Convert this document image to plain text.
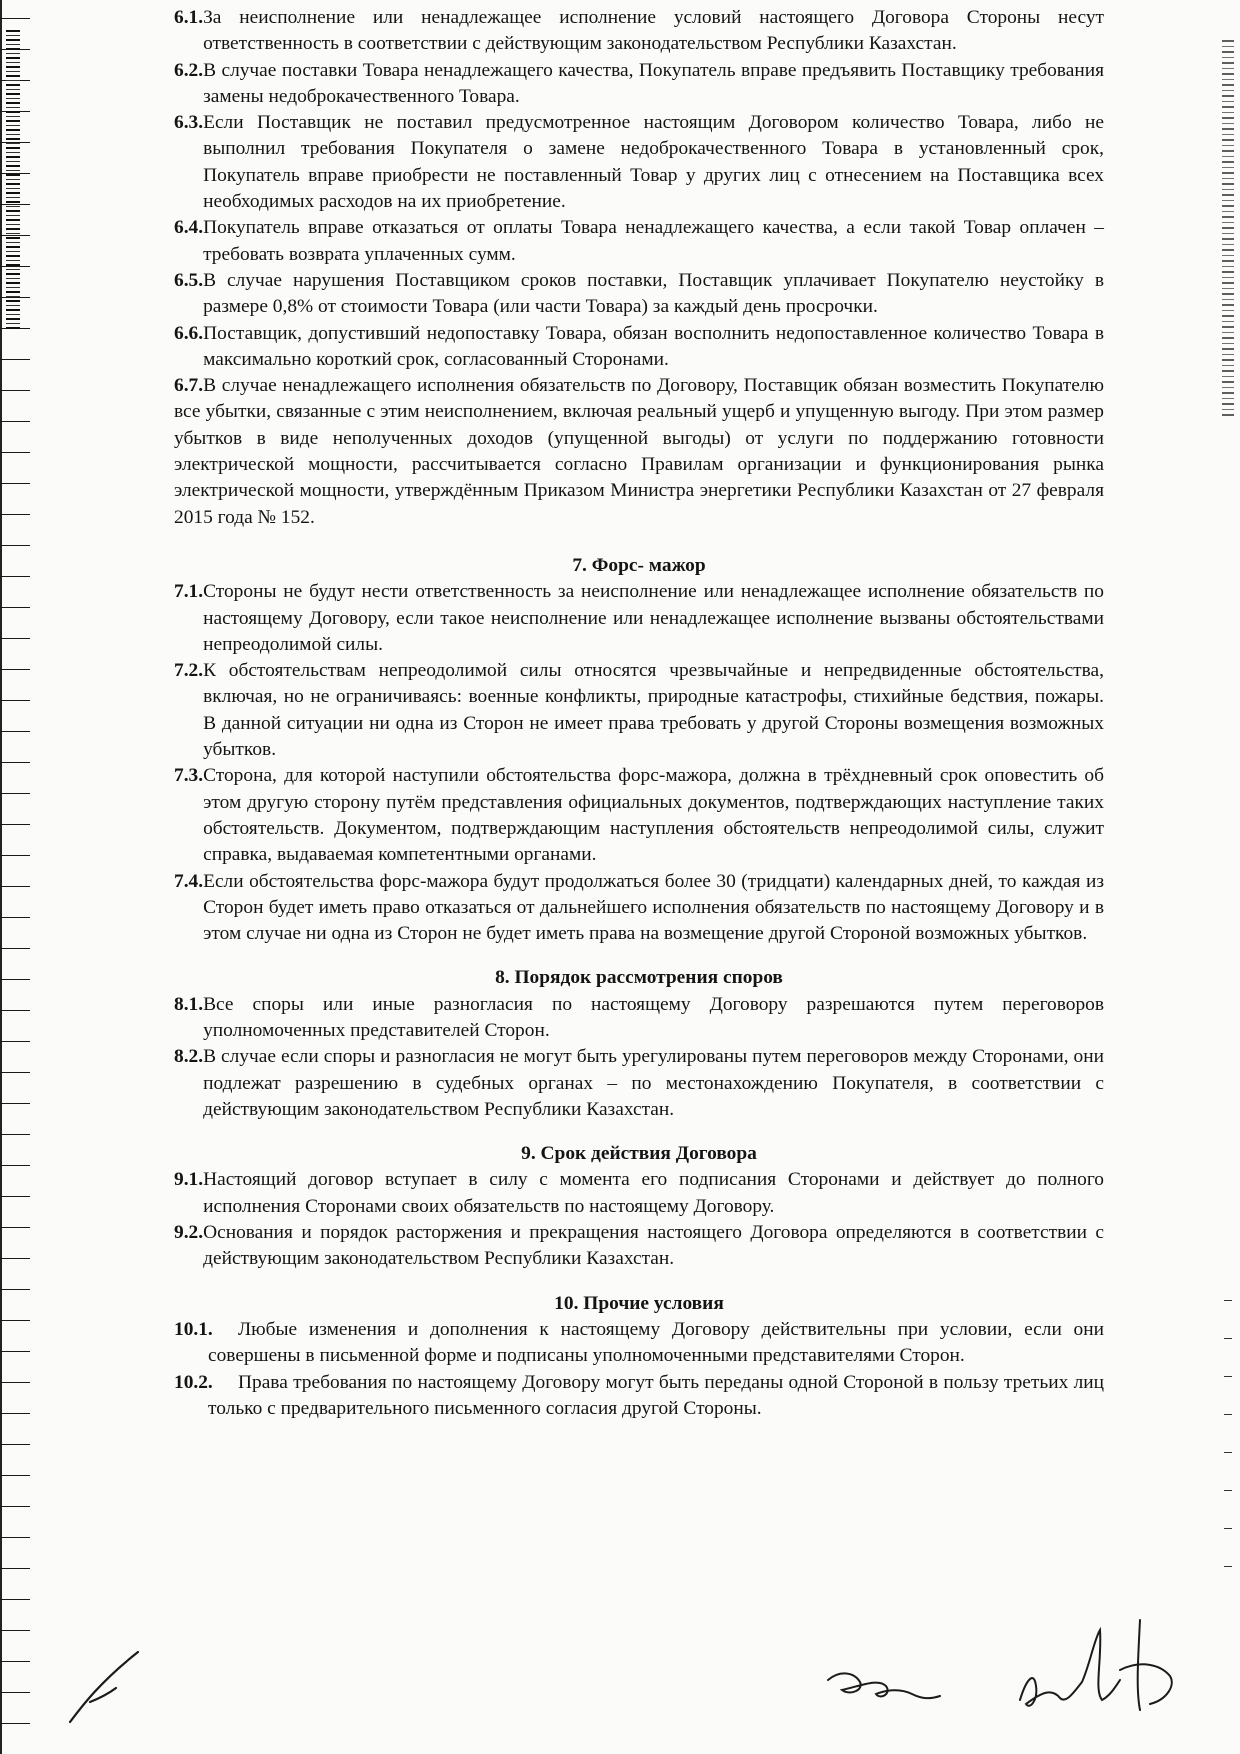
6.1. За неисполнение или ненадлежащее исполнение условий настоящего Договора Стороны несут ответственность в соответствии с действующим законодательством Республики Казахстан.
6.2. В случае поставки Товара ненадлежащего качества, Покупатель вправе предъявить Поставщику требования замены недоброкачественного Товара.
6.3. Если Поставщик не поставил предусмотренное настоящим Договором количество Товара, либо не выполнил требования Покупателя о замене недоброкачественного Товара в установленный срок, Покупатель вправе приобрести не поставленный Товар у других лиц с отнесением на Поставщика всех необходимых расходов на их приобретение.
6.4. Покупатель вправе отказаться от оплаты Товара ненадлежащего качества, а если такой Товар оплачен – требовать возврата уплаченных сумм.
6.5. В случае нарушения Поставщиком сроков поставки, Поставщик уплачивает Покупателю неустойку в размере 0,8% от стоимости Товара (или части Товара) за каждый день просрочки.
6.6. Поставщик, допустивший недопоставку Товара, обязан восполнить недопоставленное количество Товара в максимально короткий срок, согласованный Сторонами.

6.7.В случае ненадлежащего исполнения обязательств по Договору, Поставщик обязан возместить Покупателю все убытки, связанные с этим неисполнением, включая реальный ущерб и упущенную выгоду. При этом размер убытков в виде неполученных доходов (упущенной выгоды) от услуги по поддержанию готовности электрической мощности, рассчитывается согласно Правилам организации и функционирования рынка электрической мощности, утверждённым Приказом Министра энергетики Республики Казахстан от 27 февраля 2015 года № 152.

7. Форс- мажор

7.1. Стороны не будут нести ответственность за неисполнение или ненадлежащее исполнение обязательств по настоящему Договору, если такое неисполнение или ненадлежащее исполнение вызваны обстоятельствами непреодолимой силы.
7.2. К обстоятельствам непреодолимой силы относятся чрезвычайные и непредвиденные обстоятельства, включая, но не ограничиваясь: военные конфликты, природные катастрофы, стихийные бедствия, пожары. В данной ситуации ни одна из Сторон не имеет права требовать у другой Стороны возмещения возможных убытков.
7.3. Сторона, для которой наступили обстоятельства форс-мажора, должна в трёхдневный срок оповестить об этом другую сторону путём представления официальных документов, подтверждающих наступление таких обстоятельств. Документом, подтверждающим наступления обстоятельств непреодолимой силы, служит справка, выдаваемая компетентными органами.
7.4. Если обстоятельства форс-мажора будут продолжаться более 30 (тридцати) календарных дней, то каждая из Сторон будет иметь право отказаться от дальнейшего исполнения обязательств по настоящему Договору и в этом случае ни одна из Сторон не будет иметь права на возмещение другой Стороной возможных убытков.

8. Порядок рассмотрения споров

8.1. Все споры или иные разногласия по настоящему Договору разрешаются путем переговоров уполномоченных представителей Сторон.
8.2. В случае если споры и разногласия не могут быть урегулированы путем переговоров между Сторонами, они подлежат разрешению в судебных органах – по местонахождению Покупателя, в соответствии с действующим законодательством Республики Казахстан.

9. Срок действия Договора

9.1. Настоящий договор вступает в силу с момента его подписания Сторонами и действует до полного исполнения Сторонами своих обязательств по настоящему Договору.
9.2. Основания и порядок расторжения и прекращения настоящего Договора определяются в соответствии с действующим законодательством Республики Казахстан.

10. Прочие условия

10.1.	Любые изменения и дополнения к настоящему Договору действительны при условии, если они совершены в письменной форме и подписаны уполномоченными представителями Сторон.
10.2.	Права требования по настоящему Договору могут быть переданы одной Стороной в пользу третьих лиц только с предварительного письменного согласия другой Стороны.
